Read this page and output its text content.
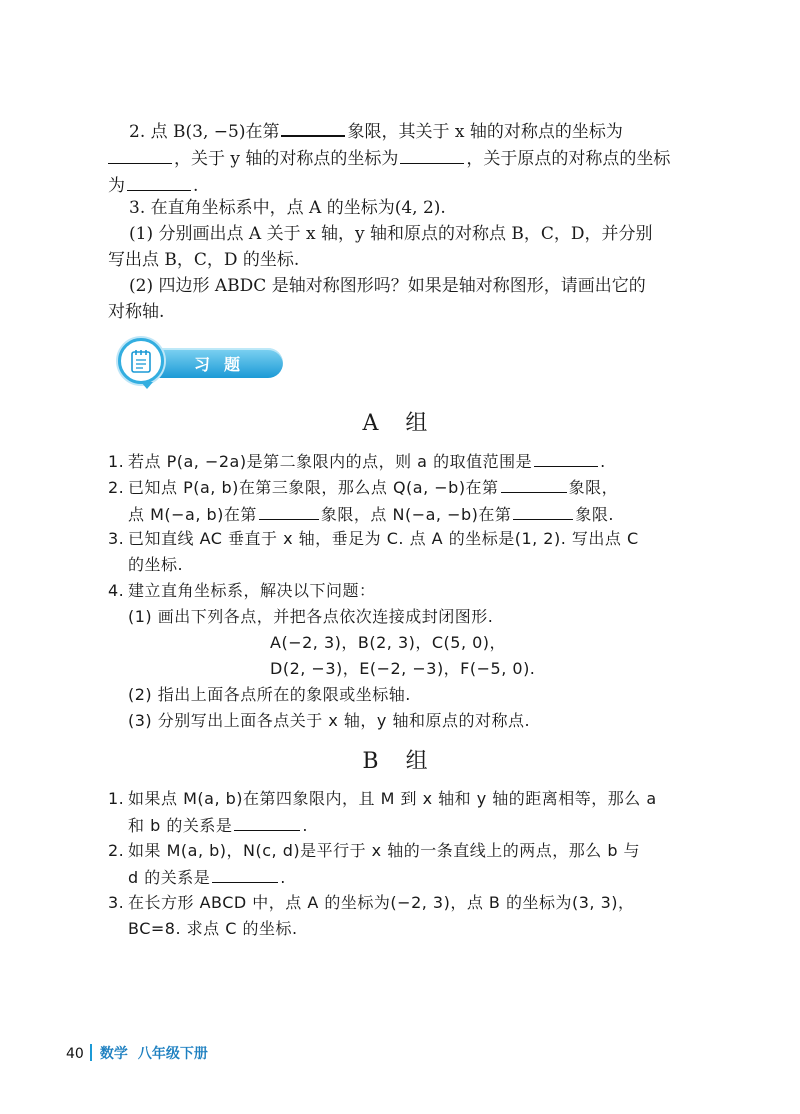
2. 点 B(3, −5)在第	象限，其关于 x 轴的对称点的坐标为
，关于 y 轴的对称点的坐标为	，关于原点的对称点的坐标
为	.
3. 在直角坐标系中，点 A 的坐标为(4, 2).
(1) 分别画出点 A 关于 x 轴，y 轴和原点的对称点 B，C，D，并分别
写出点 B，C，D 的坐标.
(2) 四边形 ABDC 是轴对称图形吗？如果是轴对称图形，请画出它的
对称轴.
习题
A 组
1. 若点 P(a, −2a)是第二象限内的点，则 a 的取值范围是	.
2. 已知点 P(a, b)在第三象限，那么点 Q(a, −b)在第	象限，
点 M(−a, b)在第	象限，点 N(−a, −b)在第	象限.
3. 已知直线 AC 垂直于 x 轴，垂足为 C. 点 A 的坐标是(1, 2). 写出点 C
的坐标.
4. 建立直角坐标系，解决以下问题：
(1) 画出下列各点，并把各点依次连接成封闭图形.
A(−2, 3)，B(2, 3)，C(5, 0)，
D(2, −3)，E(−2, −3)，F(−5, 0).
(2) 指出上面各点所在的象限或坐标轴.
(3) 分别写出上面各点关于 x 轴，y 轴和原点的对称点.
B 组
1. 如果点 M(a, b)在第四象限内，且 M 到 x 轴和 y 轴的距离相等，那么 a
和 b 的关系是	.
2. 如果 M(a, b)，N(c, d)是平行于 x 轴的一条直线上的两点，那么 b 与
d 的关系是	.
3. 在长方形 ABCD 中，点 A 的坐标为(−2, 3)，点 B 的坐标为(3, 3)，
BC=8. 求点 C 的坐标.
40 数学 八年级下册
